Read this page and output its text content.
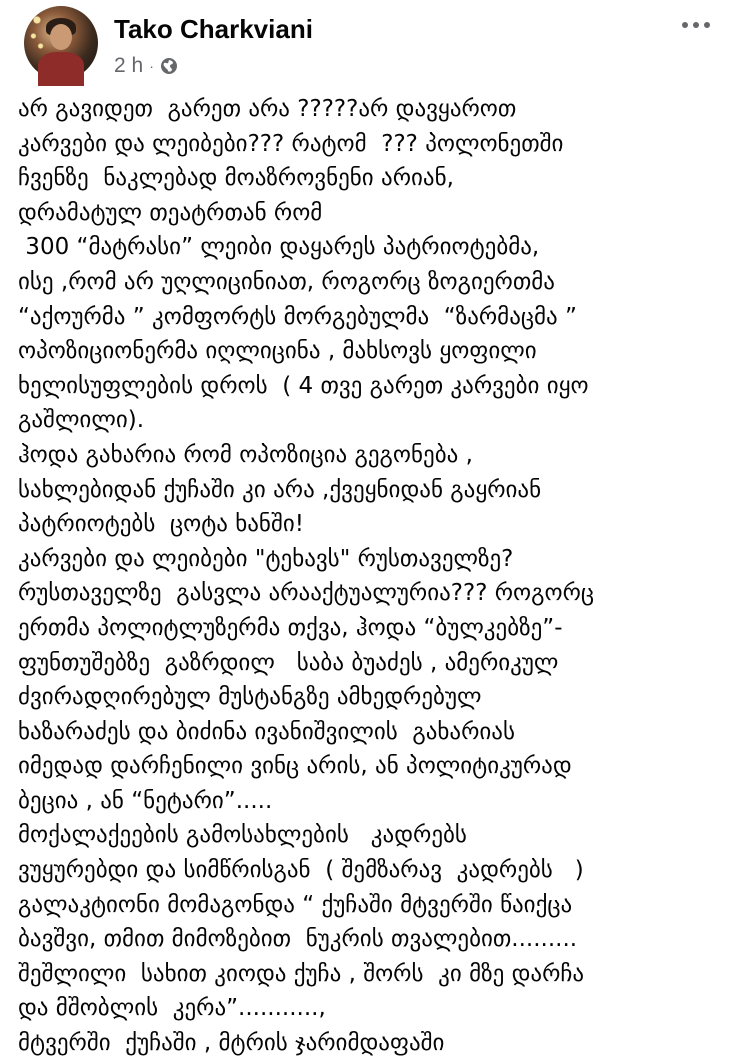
Tako Charkviani
2 h ·
არ გავიდეთ  გარეთ არა ?????არ დავყაროთ
კარვები და ლეიბები??? რატომ  ??? პოლონეთში
ჩვენზე  ნაკლებად მოაზროვნენი არიან,
დრამატულ თეატრთან რომ
300 “მატრასი” ლეიბი დაყარეს პატრიოტებმა,
ისე ,რომ არ უღლიცინიათ, როგორც ზოგიერთმა
“აქოურმა ” კომფორტს მორგებულმა  “ზარმაცმა ”
ოპოზიციონერმა იღლიცინა , მახსოვს ყოფილი
ხელისუფლების დროს  ( 4 თვე გარეთ კარვები იყო
გაშლილი).
ჰოდა გახარია რომ ოპოზიცია გეგონება ,
სახლებიდან ქუჩაში კი არა ,ქვეყნიდან გაყრიან
პატრიოტებს  ცოტა ხანში!
კარვები და ლეიბები "ტეხავს" რუსთაველზე?
რუსთაველზე  გასვლა არააქტუალურია??? როგორც
ერთმა პოლიტლუზერმა თქვა, ჰოდა “ბულკებზე”-
ფუნთუშებზე  გაზრდილ   საბა ბუაძეს , ამერიკულ
ძვირადღირებულ მუსტანგზე ამხედრებულ
ხაზარაძეს და ბიძინა ივანიშვილის  გახარიას
იმედად დარჩენილი ვინც არის, ან პოლიტიკურად
ბეცია , ან “ნეტარი”.....
მოქალაქეების გამოსახლების   კადრებს
ვუყურებდი და სიმწრისგან  ( შემზარავ  კადრებს   )
გალაკტიონი მომაგონდა “ ქუჩაში მტვერში წაიქცა
ბავშვი, თმით მიმოზებით  ნუკრის თვალებით.........
შეშლილი  სახით კიოდა ქუჩა , შორს  კი მზე დარჩა
და მშობლის  კერა”...........,
მტვერში  ქუჩაში , მტრის ჯარიმდაფაში
